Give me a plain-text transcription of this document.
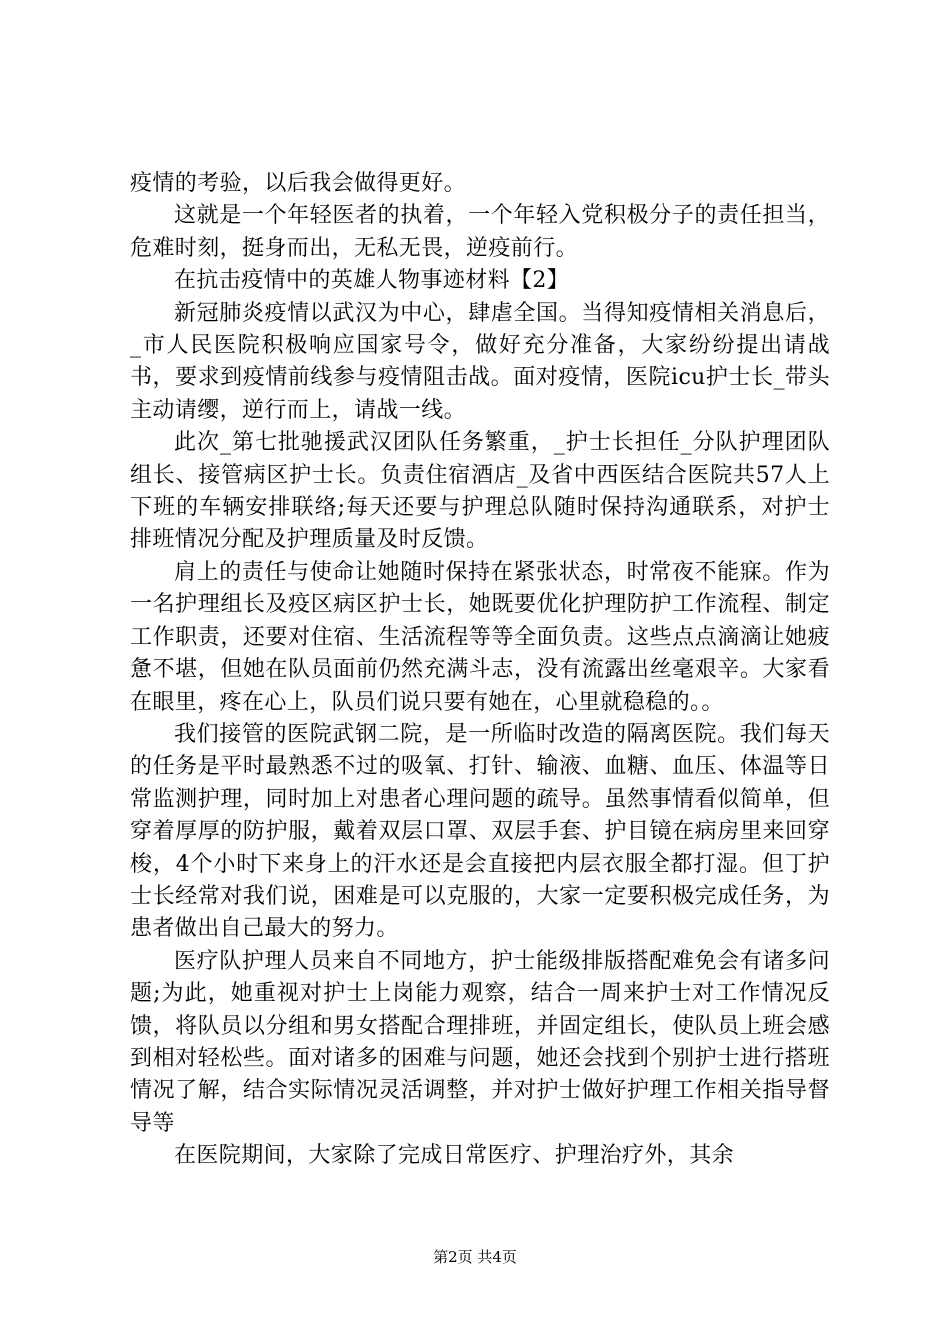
疫情的考验，以后我会做得更好。

这就是一个年轻医者的执着，一个年轻入党积极分子的责任担当，危难时刻，挺身而出，无私无畏，逆疫前行。

在抗击疫情中的英雄人物事迹材料【2】

新冠肺炎疫情以武汉为中心，肆虐全国。当得知疫情相关消息后，_市人民医院积极响应国家号令，做好充分准备，大家纷纷提出请战书，要求到疫情前线参与疫情阻击战。面对疫情，医院icu护士长_带头主动请缨，逆行而上，请战一线。

此次_第七批驰援武汉团队任务繁重，_护士长担任_分队护理团队组长、接管病区护士长。负责住宿酒店_及省中西医结合医院共57人上下班的车辆安排联络;每天还要与护理总队随时保持沟通联系，对护士排班情况分配及护理质量及时反馈。

肩上的责任与使命让她随时保持在紧张状态，时常夜不能寐。作为一名护理组长及疫区病区护士长，她既要优化护理防护工作流程、制定工作职责，还要对住宿、生活流程等等全面负责。这些点点滴滴让她疲惫不堪，但她在队员面前仍然充满斗志，没有流露出丝毫艰辛。大家看在眼里，疼在心上，队员们说只要有她在，心里就稳稳的。。

我们接管的医院武钢二院，是一所临时改造的隔离医院。我们每天的任务是平时最熟悉不过的吸氧、打针、输液、血糖、血压、体温等日常监测护理，同时加上对患者心理问题的疏导。虽然事情看似简单，但穿着厚厚的防护服，戴着双层口罩、双层手套、护目镜在病房里来回穿梭，4个小时下来身上的汗水还是会直接把内层衣服全都打湿。但丁护士长经常对我们说，困难是可以克服的，大家一定要积极完成任务，为患者做出自己最大的努力。

医疗队护理人员来自不同地方，护士能级排版搭配难免会有诸多问题;为此，她重视对护士上岗能力观察，结合一周来护士对工作情况反馈，将队员以分组和男女搭配合理排班，并固定组长，使队员上班会感到相对轻松些。面对诸多的困难与问题，她还会找到个别护士进行搭班情况了解，结合实际情况灵活调整，并对护士做好护理工作相关指导督导等

在医院期间，大家除了完成日常医疗、护理治疗外，其余

第2页 共4页
